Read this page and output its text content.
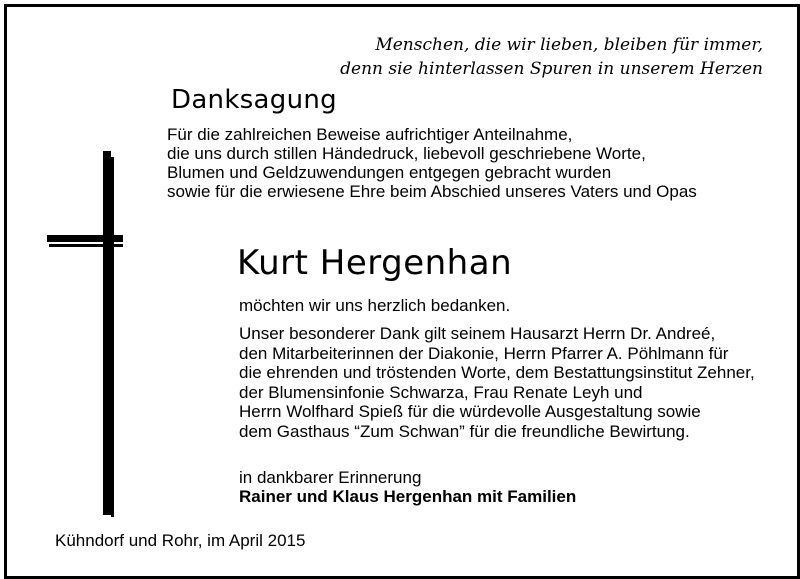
Menschen, die wir lieben, bleiben für immer,
denn sie hinterlassen Spuren in unserem Herzen
Danksagung
Für die zahlreichen Beweise aufrichtiger Anteilnahme,
die uns durch stillen Händedruck, liebevoll geschriebene Worte,
Blumen und Geldzuwendungen entgegen gebracht wurden
sowie für die erwiesene Ehre beim Abschied unseres Vaters und Opas
Kurt Hergenhan
möchten wir uns herzlich bedanken.
Unser besonderer Dank gilt seinem Hausarzt Herrn Dr. Andreé,
den Mitarbeiterinnen der Diakonie, Herrn Pfarrer A. Pöhlmann für
die ehrenden und tröstenden Worte, dem Bestattungsinstitut Zehner,
der Blumensinfonie Schwarza, Frau Renate Leyh und
Herrn Wolfhard Spieß für die würdevolle Ausgestaltung sowie
dem Gasthaus “Zum Schwan” für die freundliche Bewirtung.
in dankbarer Erinnerung
Rainer und Klaus Hergenhan mit Familien
Kühndorf und Rohr, im April 2015
